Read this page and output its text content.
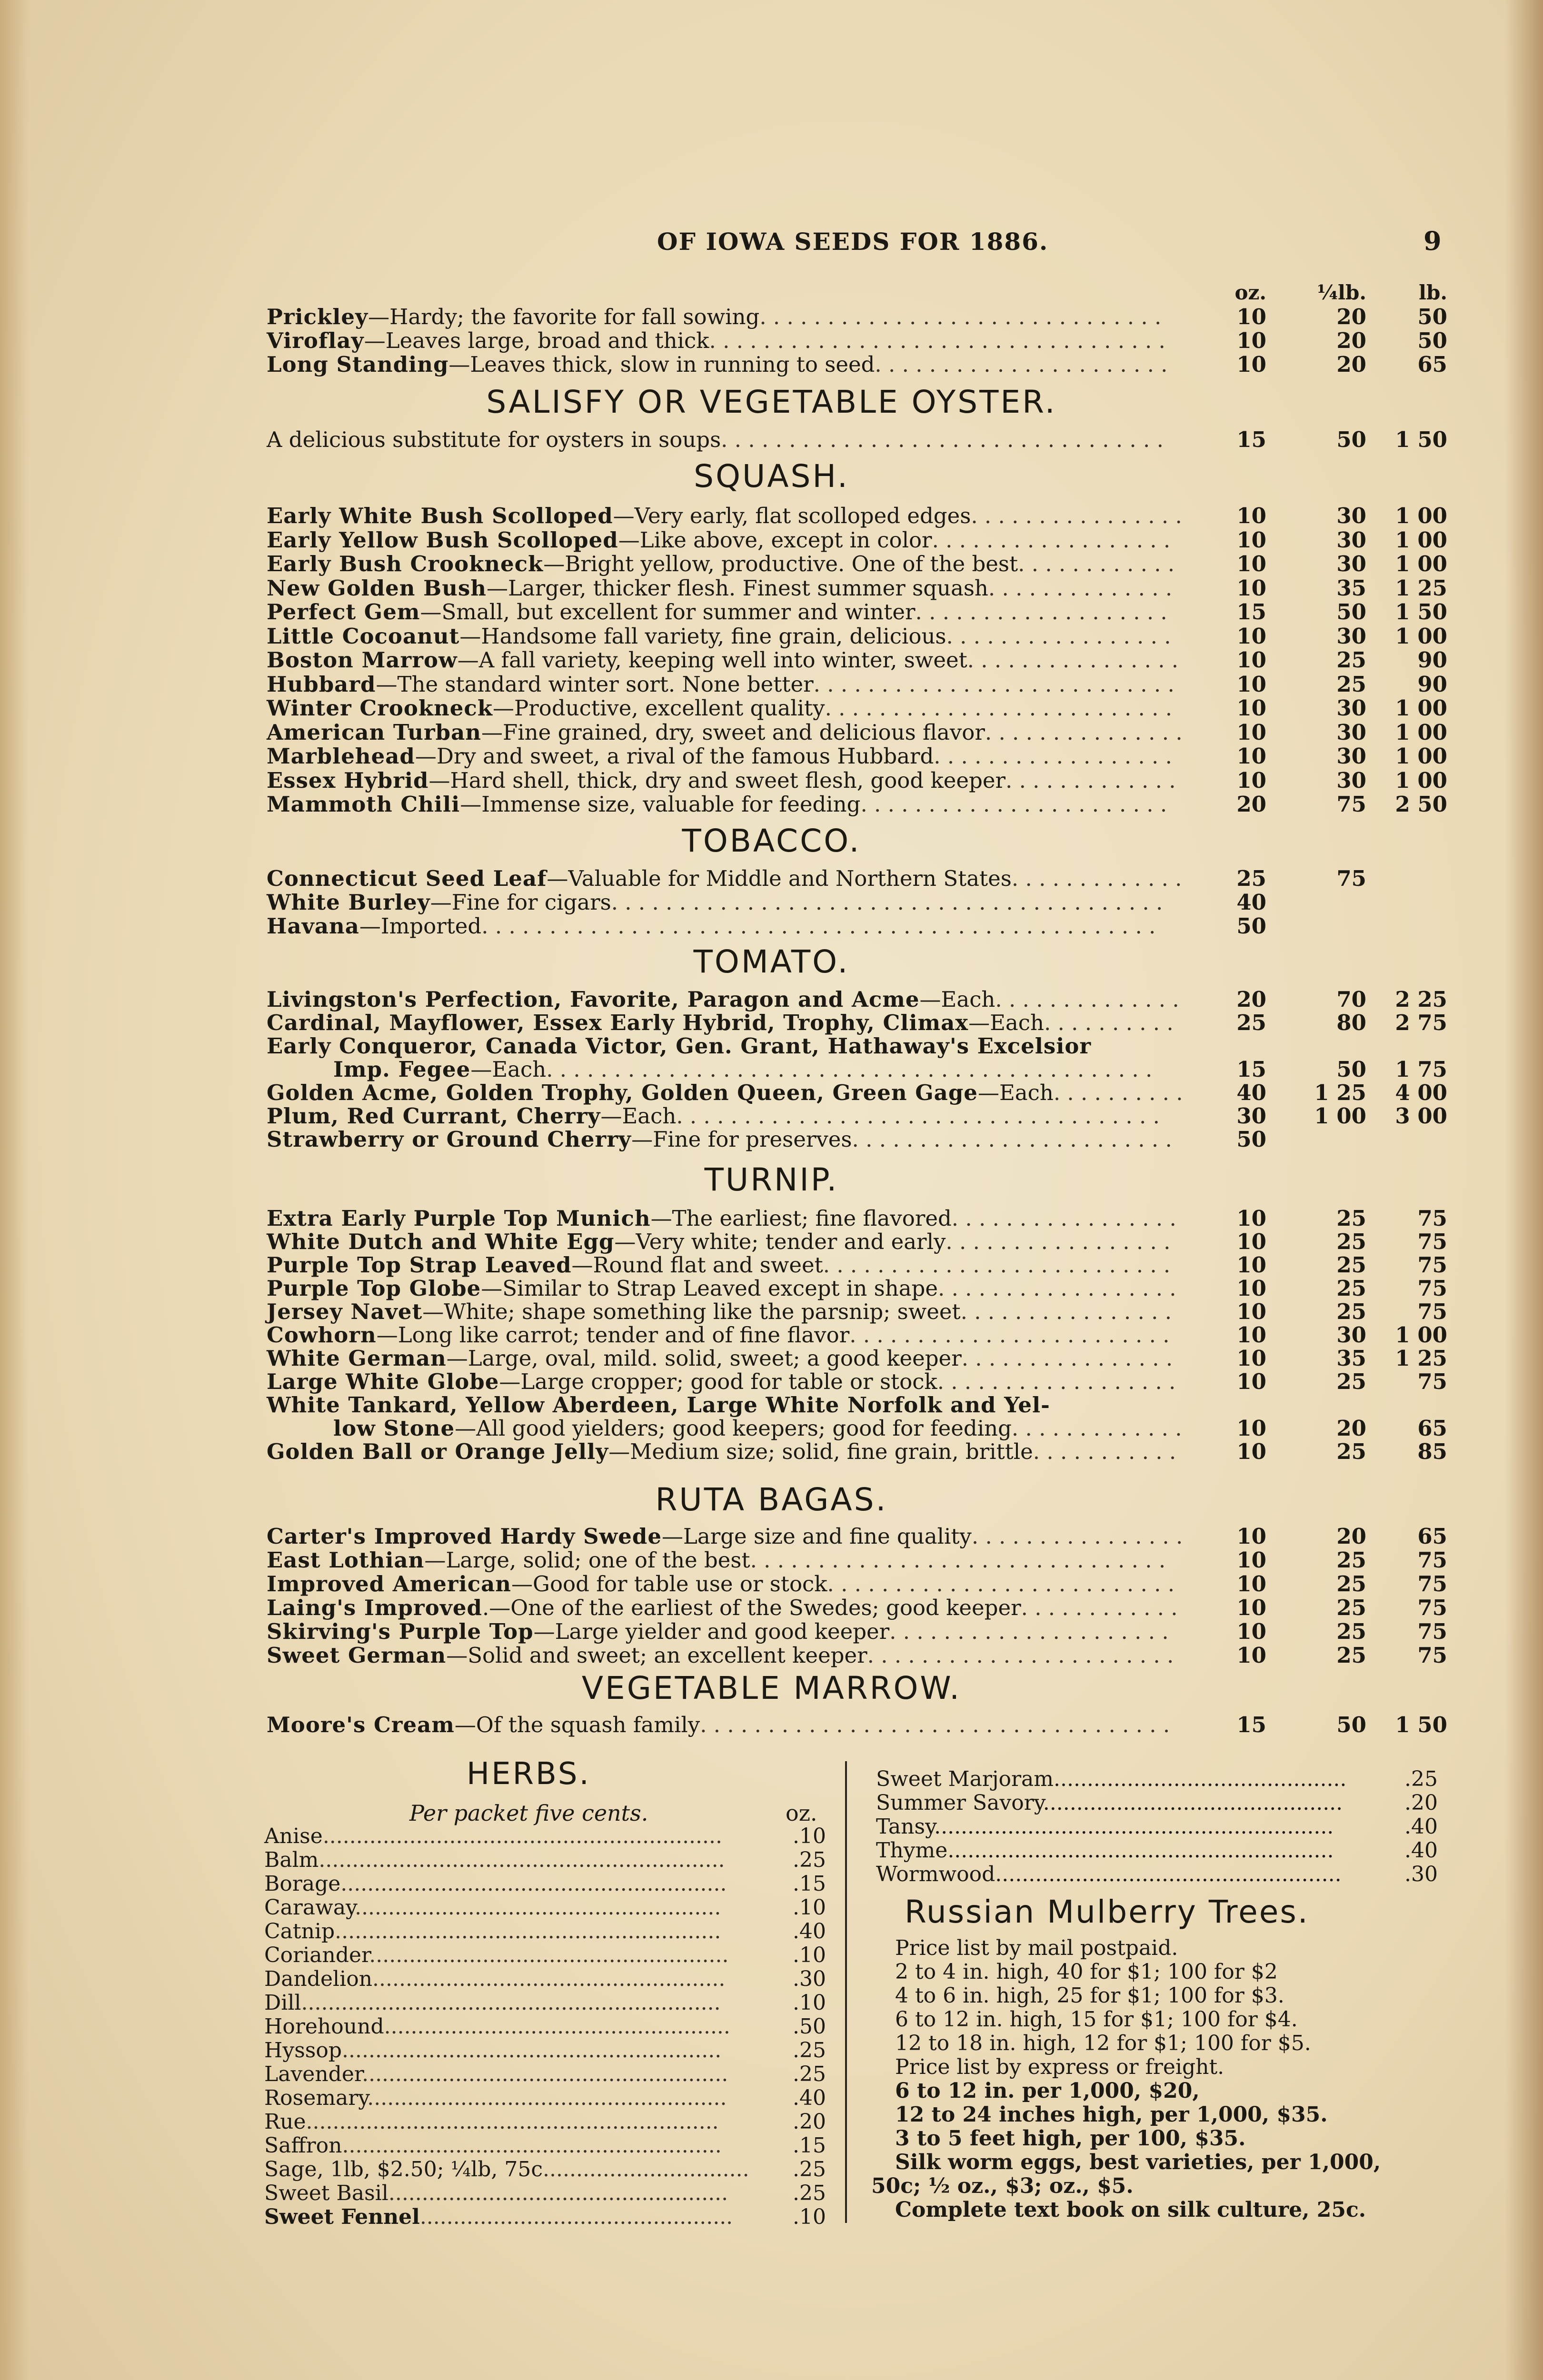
OF IOWA SEEDS FOR 1886.	9
oz.	¼lb.	lb.
Prickley—Hardy; the favorite for fall sowing. . . . . . . . . . . . . . . . . . . . . . . . . . . . . .	10	20	50
Viroflay—Leaves large, broad and thick. . . . . . . . . . . . . . . . . . . . . . . . . . . . . . . . . .	10	20	50
Long Standing—Leaves thick, slow in running to seed. . . . . . . . . . . . . . . . . . . . . .	10	20	65
SALISFY OR VEGETABLE OYSTER.
A delicious substitute for oysters in soups. . . . . . . . . . . . . . . . . . . . . . . . . . . . . . . . .	15	50	1 50
SQUASH.
Early White Bush Scolloped—Very early, flat scolloped edges. . . . . . . . . . . . . . . .	10	30	1 00
Early Yellow Bush Scolloped—Like above, except in color. . . . . . . . . . . . . . . . . .	10	30	1 00
Early Bush Crookneck—Bright yellow, productive. One of the best. . . . . . . . . . . .	10	30	1 00
New Golden Bush—Larger, thicker flesh. Finest summer squash. . . . . . . . . . . . . .	10	35	1 25
Perfect Gem—Small, but excellent for summer and winter. . . . . . . . . . . . . . . . . . .	15	50	1 50
Little Cocoanut—Handsome fall variety, fine grain, delicious. . . . . . . . . . . . . . . . .	10	30	1 00
Boston Marrow—A fall variety, keeping well into winter, sweet. . . . . . . . . . . . . . . .	10	25	90
Hubbard—The standard winter sort. None better. . . . . . . . . . . . . . . . . . . . . . . . . . .	10	25	90
Winter Crookneck—Productive, excellent quality. . . . . . . . . . . . . . . . . . . . . . . . . .	10	30	1 00
American Turban—Fine grained, dry, sweet and delicious flavor. . . . . . . . . . . . . . .	10	30	1 00
Marblehead—Dry and sweet, a rival of the famous Hubbard. . . . . . . . . . . . . . . . . .	10	30	1 00
Essex Hybrid—Hard shell, thick, dry and sweet flesh, good keeper. . . . . . . . . . . . .	10	30	1 00
Mammoth Chili—Immense size, valuable for feeding. . . . . . . . . . . . . . . . . . . . . . .	20	75	2 50
TOBACCO.
Connecticut Seed Leaf—Valuable for Middle and Northern States. . . . . . . . . . . . .	25	75
White Burley—Fine for cigars. . . . . . . . . . . . . . . . . . . . . . . . . . . . . . . . . . . . . . . . .	40
Havana—Imported. . . . . . . . . . . . . . . . . . . . . . . . . . . . . . . . . . . . . . . . . . . . . . . . . .	50
TOMATO.
Livingston's Perfection, Favorite, Paragon and Acme—Each. . . . . . . . . . . . . .	20	70	2 25
Cardinal, Mayflower, Essex Early Hybrid, Trophy, Climax—Each. . . . . . . . . .	25	80	2 75
Early Conqueror, Canada Victor, Gen. Grant, Hathaway's Excelsior
Imp. Fegee—Each. . . . . . . . . . . . . . . . . . . . . . . . . . . . . . . . . . . . . . . . . . . . .	15	50	1 75
Golden Acme, Golden Trophy, Golden Queen, Green Gage—Each. . . . . . . . . .	40	1 25	4 00
Plum, Red Currant, Cherry—Each. . . . . . . . . . . . . . . . . . . . . . . . . . . . . . . . . . . .	30	1 00	3 00
Strawberry or Ground Cherry—Fine for preserves. . . . . . . . . . . . . . . . . . . . . . . .	50
TURNIP.
Extra Early Purple Top Munich—The earliest; fine flavored. . . . . . . . . . . . . . . . .	10	25	75
White Dutch and White Egg—Very white; tender and early. . . . . . . . . . . . . . . . .	10	25	75
Purple Top Strap Leaved—Round flat and sweet. . . . . . . . . . . . . . . . . . . . . . . . . .	10	25	75
Purple Top Globe—Similar to Strap Leaved except in shape. . . . . . . . . . . . . . . . . .	10	25	75
Jersey Navet—White; shape something like the parsnip; sweet. . . . . . . . . . . . . . . .	10	25	75
Cowhorn—Long like carrot; tender and of fine flavor. . . . . . . . . . . . . . . . . . . . . . . .	10	30	1 00
White German—Large, oval, mild. solid, sweet; a good keeper. . . . . . . . . . . . . . . .	10	35	1 25
Large White Globe—Large cropper; good for table or stock. . . . . . . . . . . . . . . . . .	10	25	75
White Tankard, Yellow Aberdeen, Large White Norfolk and Yel-
low Stone—All good yielders; good keepers; good for feeding. . . . . . . . . . . . .	10	20	65
Golden Ball or Orange Jelly—Medium size; solid, fine grain, brittle. . . . . . . . . . .	10	25	85
RUTA BAGAS.
Carter's Improved Hardy Swede—Large size and fine quality. . . . . . . . . . . . . . . .	10	20	65
East Lothian—Large, solid; one of the best. . . . . . . . . . . . . . . . . . . . . . . . . . . . . . .	10	25	75
Improved American—Good for table use or stock. . . . . . . . . . . . . . . . . . . . . . . . . .	10	25	75
Laing's Improved.—One of the earliest of the Swedes; good keeper. . . . . . . . . . . .	10	25	75
Skirving's Purple Top—Large yielder and good keeper. . . . . . . . . . . . . . . . . . . . .	10	25	75
Sweet German—Solid and sweet; an excellent keeper. . . . . . . . . . . . . . . . . . . . . . .	10	25	75
VEGETABLE MARROW.
Moore's Cream—Of the squash family. . . . . . . . . . . . . . . . . . . . . . . . . . . . . . . . . . .	15	50	1 50
HERBS.
Per packet five cents.	oz.
Anise............................................................	.10
Balm.............................................................	.25
Borage..........................................................	.15
Caraway.......................................................	.10
Catnip..........................................................	.40
Coriander......................................................	.10
Dandelion.....................................................	.30
Dill...............................................................	.10
Horehound....................................................	.50
Hyssop.........................................................	.25
Lavender.......................................................	.25
Rosemary......................................................	.40
Rue..............................................................	.20
Saffron.........................................................	.15
Sage, 1lb, $2.50; ¼lb, 75c............................... .25
Sweet Basil...................................................	.25
Sweet Fennel...............................................	.10
Sweet Marjoram............................................	.25
Summer Savory.............................................	.20
Tansy............................................................	.40
Thyme..........................................................	.40
Wormwood....................................................	.30
Russian Mulberry Trees.
Price list by mail postpaid.
2 to 4 in. high, 40 for $1; 100 for $2
4 to 6 in. high, 25 for $1; 100 for $3.
6 to 12 in. high, 15 for $1; 100 for $4.
12 to 18 in. high, 12 for $1; 100 for $5.
Price list by express or freight.
6 to 12 in. per 1,000, $20,
12 to 24 inches high, per 1,000, $35.
3 to 5 feet high, per 100, $35.
Silk worm eggs, best varieties, per 1,000,
50c; ½ oz., $3; oz., $5.
Complete text book on silk culture, 25c.
